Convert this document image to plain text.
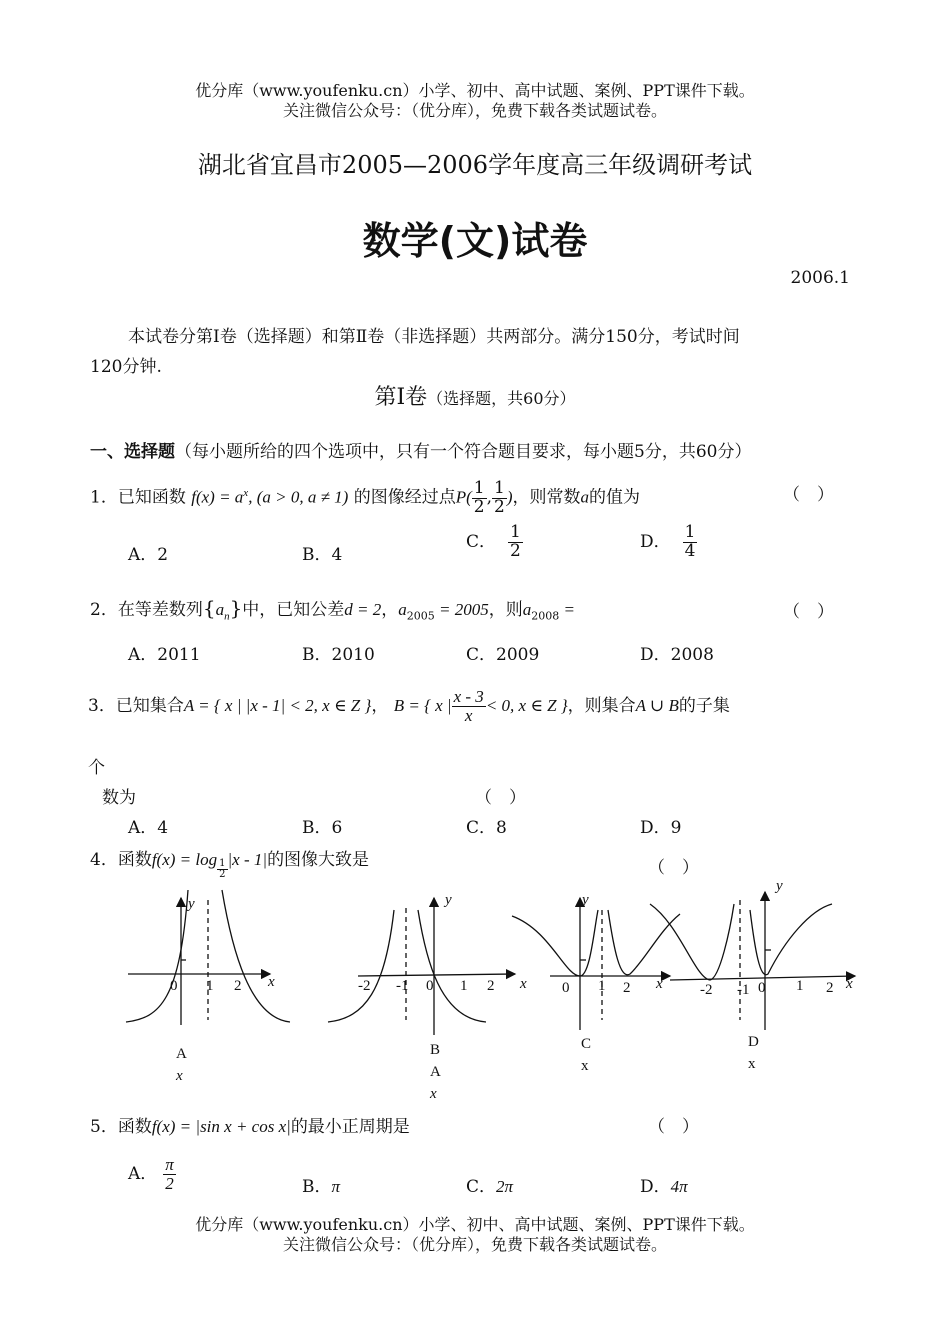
优分库（www.youfenku.cn）小学、初中、高中试题、案例、PPT课件下载。
关注微信公众号：（优分库），免费下载各类试题试卷。
湖北省宜昌市2005—2006学年度高三年级调研考试
数学(文)试卷
2006.1
本试卷分第Ⅰ卷（选择题）和第Ⅱ卷（非选择题）共两部分。满分150分，考试时间
120分钟.
第Ⅰ卷（选择题，共60分）
一、选择题（每小题所给的四个选项中，只有一个符合题目要求，每小题5分，共60分）
1．已知函数 $f(x) = a^x$, (a > 0, a ≠ 1) 的图像经过点$P( \frac{1}{2}$ , $\frac{1}{2}$ )，则常数a的值为	（　）
A．2	B．4
C． $\frac{1}{2}$	D． $\frac{1}{4}$
2．在等差数列$\{a_n\}$中，已知公差d = 2，$a_{2005} = 2005$，则$a_{2008}$ =	（　）
A．2011	B．2010	C．2009	D．2008
3．已知集合A = { x | |x - 1| < 2, x ∈ Z }， B = { x | $\frac{x - 3}{x} < 0$, x ∈ Z }，则集合A ∪ B的子集
个
数为	（　）
A．4	B．6	C．8	D．9
4．函数$f(x) = \log \frac{1}{2} |x - 1|$的图像大致是	（　）
y
x
0 1 2
A
x
y
-2 -1 0 1 2
B
A
x
x
y
0 1 2 x
C
x
y
-2 -1 0 1 2 x
D
x
5．函数f(x) = |sin x + cos x|的最小正周期是	（　）
A． $\frac{\pi}{2}$	B．π	C．2π	D．4π
优分库（www.youfenku.cn）小学、初中、高中试题、案例、PPT课件下载。
关注微信公众号：（优分库），免费下载各类试题试卷。
